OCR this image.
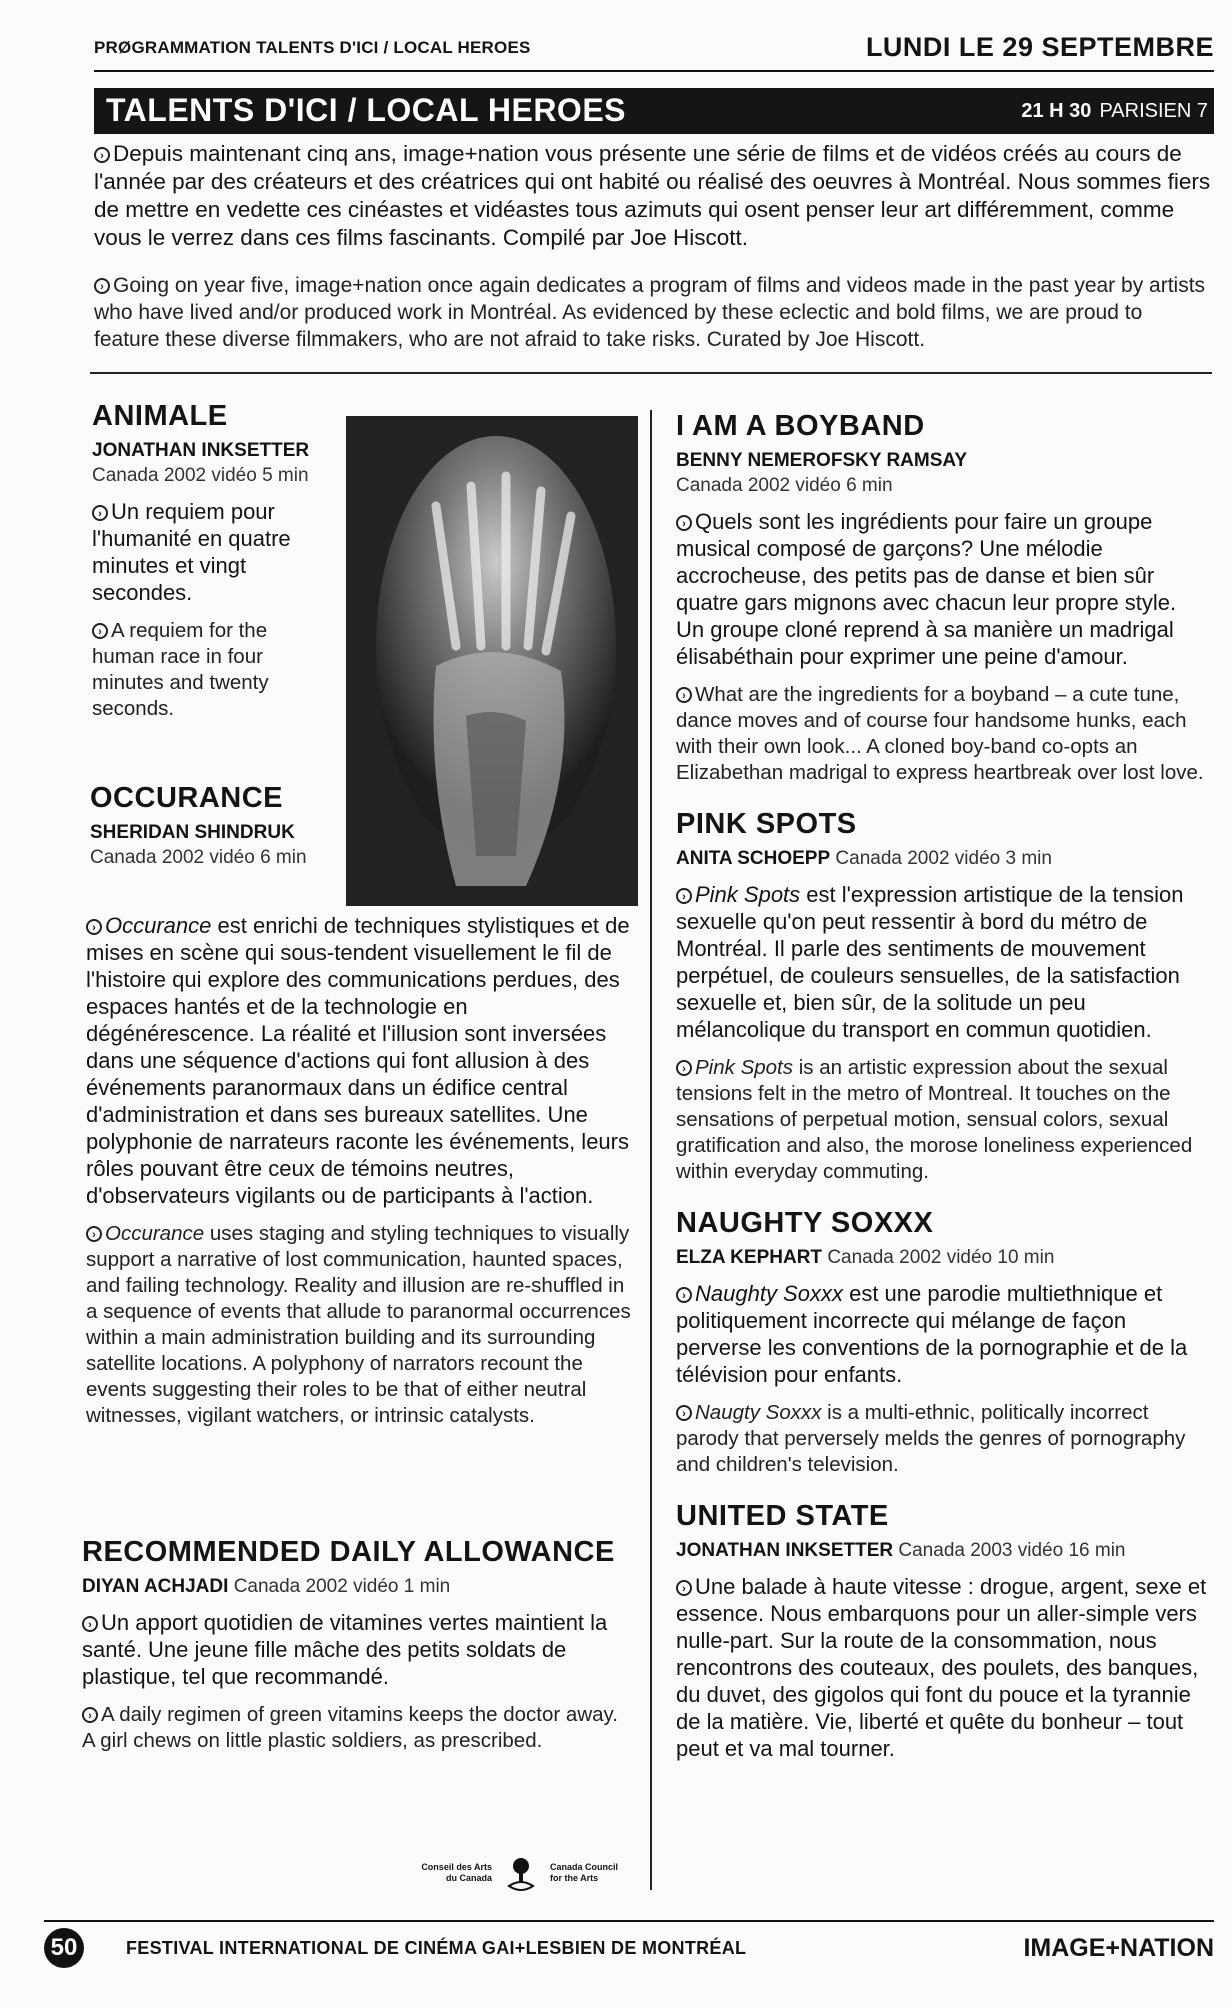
PRØGRAMMATION TALENTS D'ICI / LOCAL HEROES	LUNDI LE 29 SEPTEMBRE
TALENTS D'ICI / LOCAL HEROES	21 H 30 PARISIEN 7
› Depuis maintenant cinq ans, image+nation vous présente une série de films et de vidéos créés au cours de l'année par des créateurs et des créatrices qui ont habité ou réalisé des oeuvres à Montréal. Nous sommes fiers de mettre en vedette ces cinéastes et vidéastes tous azimuts qui osent penser leur art différemment, comme vous le verrez dans ces films fascinants. Compilé par Joe Hiscott.
› Going on year five, image+nation once again dedicates a program of films and videos made in the past year by artists who have lived and/or produced work in Montréal. As evidenced by these eclectic and bold films, we are proud to feature these diverse filmmakers, who are not afraid to take risks. Curated by Joe Hiscott.
ANIMALE
JONATHAN INKSETTER Canada 2002 vidéo 5 min

› Un requiem pour l'humanité en quatre minutes et vingt secondes.

› A requiem for the human race in four minutes and twenty seconds.

OCCURANCE
SHERIDAN SHINDRUK Canada 2002 vidéo 6 min

› Occurance est enrichi de techniques stylistiques et de mises en scène qui sous-tendent visuellement le fil de l'histoire qui explore des communications perdues, des espaces hantés et de la technologie en dégénérescence. La réalité et l'illusion sont inversées dans une séquence d'actions qui font allusion à des événements paranormaux dans un édifice central d'administration et dans ses bureaux satellites. Une polyphonie de narrateurs raconte les événements, leurs rôles pouvant être ceux de témoins neutres, d'observateurs vigilants ou de participants à l'action.

› Occurance uses staging and styling techniques to visually support a narrative of lost communication, haunted spaces, and failing technology. Reality and illusion are re-shuffled in a sequence of events that allude to paranormal occurrences within a main administration building and its surrounding satellite locations. A polyphony of narrators recount the events suggesting their roles to be that of either neutral witnesses, vigilant watchers, or intrinsic catalysts.

RECOMMENDED DAILY ALLOWANCE
DIYAN ACHJADI Canada 2002 vidéo 1 min

› Un apport quotidien de vitamines vertes maintient la santé. Une jeune fille mâche des petits soldats de plastique, tel que recommandé.

› A daily regimen of green vitamins keeps the doctor away. A girl chews on little plastic soldiers, as prescribed.

Conseil des Arts du Canada
Canada Council for the Arts
I AM A BOYBAND
BENNY NEMEROFSKY RAMSAY
Canada 2002 vidéo 6 min

› Quels sont les ingrédients pour faire un groupe musical composé de garçons? Une mélodie accrocheuse, des petits pas de danse et bien sûr quatre gars mignons avec chacun leur propre style. Un groupe cloné reprend à sa manière un madrigal élisabéthain pour exprimer une peine d'amour.

› What are the ingredients for a boyband – a cute tune, dance moves and of course four handsome hunks, each with their own look... A cloned boy-band co-opts an Elizabethan madrigal to express heartbreak over lost love.

PINK SPOTS
ANITA SCHOEPP Canada 2002 vidéo 3 min

› Pink Spots est l'expression artistique de la tension sexuelle qu'on peut ressentir à bord du métro de Montréal. Il parle des sentiments de mouvement perpétuel, de couleurs sensuelles, de la satisfaction sexuelle et, bien sûr, de la solitude un peu mélancolique du transport en commun quotidien.

› Pink Spots is an artistic expression about the sexual tensions felt in the metro of Montreal. It touches on the sensations of perpetual motion, sensual colors, sexual gratification and also, the morose loneliness experienced within everyday commuting.

NAUGHTY SOXXX
ELZA KEPHART Canada 2002 vidéo 10 min

› Naughty Soxxx est une parodie multiethnique et politiquement incorrecte qui mélange de façon perverse les conventions de la pornographie et de la télévision pour enfants.

› Naugty Soxxx is a multi-ethnic, politically incorrect parody that perversely melds the genres of pornography and children's television.

UNITED STATE
JONATHAN INKSETTER Canada 2003 vidéo 16 min

› Une balade à haute vitesse : drogue, argent, sexe et essence. Nous embarquons pour un aller-simple vers nulle-part. Sur la route de la consommation, nous rencontrons des couteaux, des poulets, des banques, du duvet, des gigolos qui font du pouce et la tyrannie de la matière. Vie, liberté et quête du bonheur – tout peut et va mal tourner.

50	FESTIVAL INTERNATIONAL DE CINÉMA GAI+LESBIEN DE MONTRÉAL	IMAGE+NATION
